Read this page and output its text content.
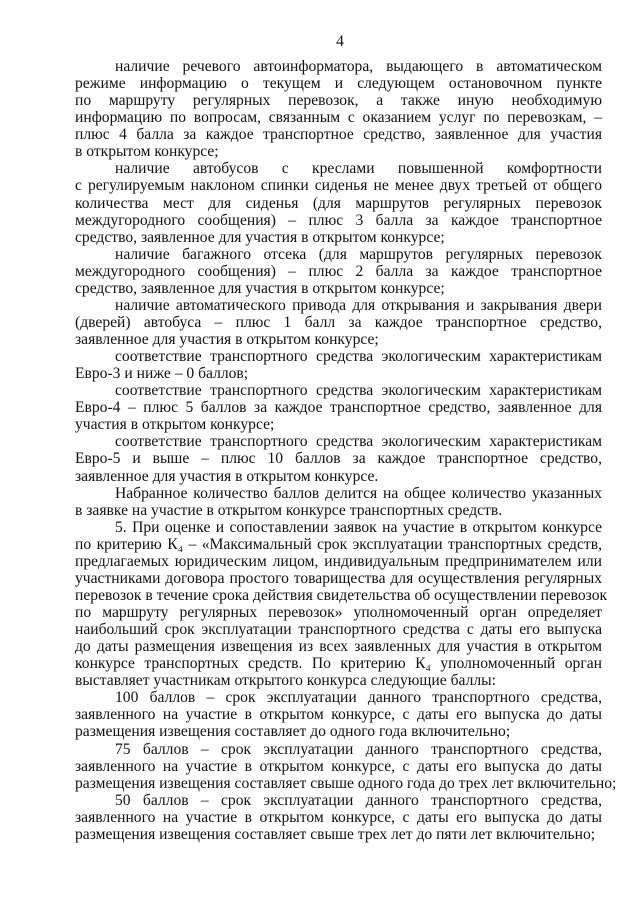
4
наличие речевого автоинформатора, выдающего в автоматическом
режиме информацию о текущем и следующем остановочном пункте
по маршруту регулярных перевозок, а также иную необходимую
информацию по вопросам, связанным с оказанием услуг по перевозкам, –
плюс 4 балла за каждое транспортное средство, заявленное для участия
в открытом конкурсе;
наличие автобусов с креслами повышенной комфортности
с регулируемым наклоном спинки сиденья не менее двух третьей от общего
количества мест для сиденья (для маршрутов регулярных перевозок
междугородного сообщения) – плюс 3 балла за каждое транспортное
средство, заявленное для участия в открытом конкурсе;
наличие багажного отсека (для маршрутов регулярных перевозок
междугородного сообщения) – плюс 2 балла за каждое транспортное
средство, заявленное для участия в открытом конкурсе;
наличие автоматического привода для открывания и закрывания двери
(дверей) автобуса – плюс 1 балл за каждое транспортное средство,
заявленное для участия в открытом конкурсе;
соответствие транспортного средства экологическим характеристикам
Евро-3 и ниже – 0 баллов;
соответствие транспортного средства экологическим характеристикам
Евро-4 – плюс 5 баллов за каждое транспортное средство, заявленное для
участия в открытом конкурсе;
соответствие транспортного средства экологическим характеристикам
Евро-5 и выше – плюс 10 баллов за каждое транспортное средство,
заявленное для участия в открытом конкурсе.
Набранное количество баллов делится на общее количество указанных
в заявке на участие в открытом конкурсе транспортных средств.
5. При оценке и сопоставлении заявок на участие в открытом конкурсе
по критерию К₄ – «Максимальный срок эксплуатации транспортных средств,
предлагаемых юридическим лицом, индивидуальным предпринимателем или
участниками договора простого товарищества для осуществления регулярных
перевозок в течение срока действия свидетельства об осуществлении перевозок
по маршруту регулярных перевозок» уполномоченный орган определяет
наибольший срок эксплуатации транспортного средства с даты его выпуска
до даты размещения извещения из всех заявленных для участия в открытом
конкурсе транспортных средств. По критерию К₄ уполномоченный орган
выставляет участникам открытого конкурса следующие баллы:
100 баллов – срок эксплуатации данного транспортного средства,
заявленного на участие в открытом конкурсе, с даты его выпуска до даты
размещения извещения составляет до одного года включительно;
75 баллов – срок эксплуатации данного транспортного средства,
заявленного на участие в открытом конкурсе, с даты его выпуска до даты
размещения извещения составляет свыше одного года до трех лет включительно;
50 баллов – срок эксплуатации данного транспортного средства,
заявленного на участие в открытом конкурсе, с даты его выпуска до даты
размещения извещения составляет свыше трех лет до пяти лет включительно;
